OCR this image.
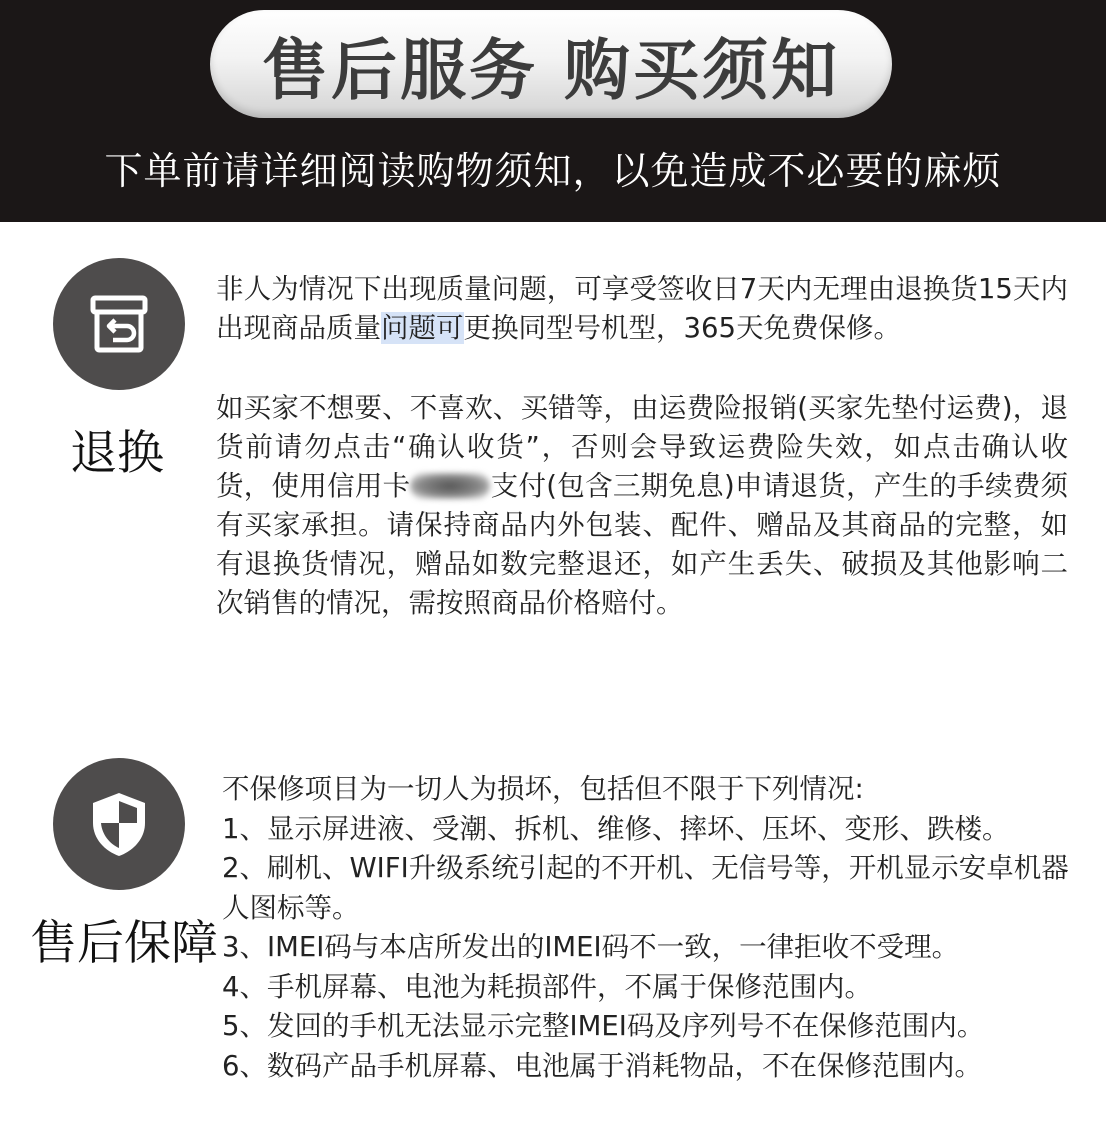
售后服务 购买须知
下单前请详细阅读购物须知，以免造成不必要的麻烦
退换

非人为情况下出现质量问题，可享受签收日7天内无理由退换货15天内出现商品质量问题可更换同型号机型，365天免费保修。

如买家不想要、不喜欢、买错等，由运费险报销(买家先垫付运费)，退货前请勿点击“确认收货”，否则会导致运费险失效，如点击确认收货，使用信用卡	支付(包含三期免息)申请退货，产生的手续费须有买家承担。请保持商品内外包装、配件、赠品及其商品的完整，如有退换货情况，赠品如数完整退还，如产生丢失、破损及其他影响二次销售的情况，需按照商品价格赔付。

售后保障
不保修项目为一切人为损坏，包括但不限于下列情况:
1、显示屏进液、受潮、拆机、维修、摔坏、压坏、变形、跌楼。
2、刷机、WIFI升级系统引起的不开机、无信号等，开机显示安卓机器人图标等。
3、IMEI码与本店所发出的IMEI码不一致，一律拒收不受理。
4、手机屏幕、电池为耗损部件，不属于保修范围内。
5、发回的手机无法显示完整IMEI码及序列号不在保修范围内。
6、数码产品手机屏幕、电池属于消耗物品，不在保修范围内。
